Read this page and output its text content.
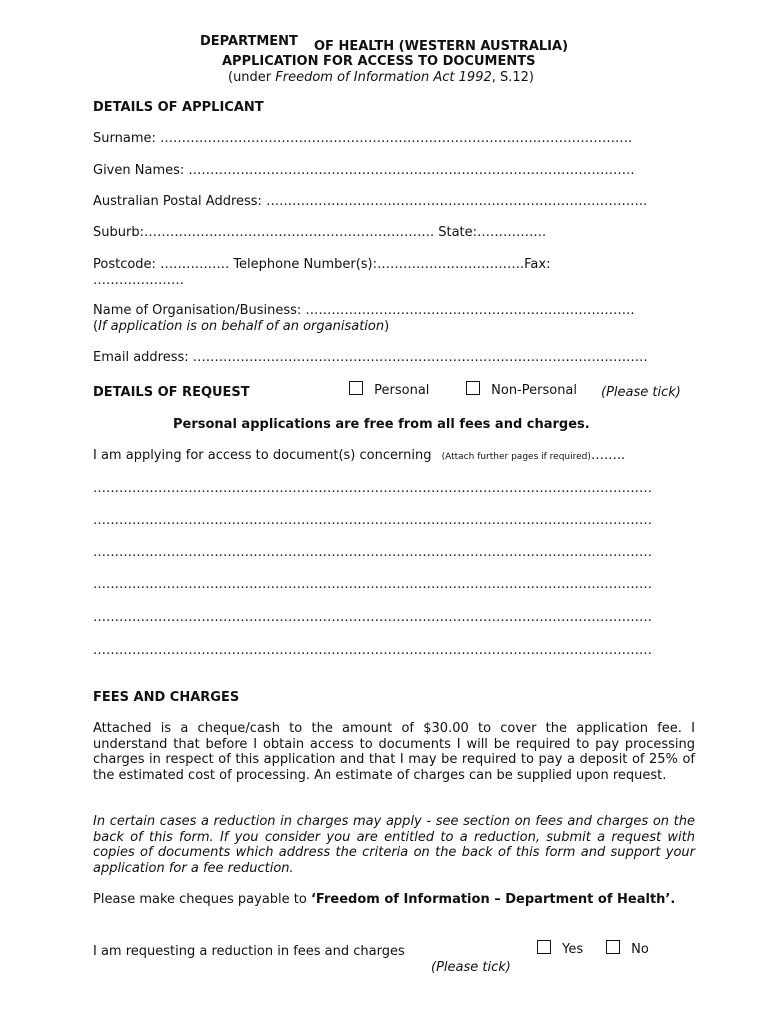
DEPARTMENT OF HEALTH (WESTERN AUSTRALIA)
APPLICATION FOR ACCESS TO DOCUMENTS
(under Freedom of Information Act 1992, S.12)
DETAILS OF APPLICANT
Surname: ……………………………………………………………………………………………….
Given Names: ………………………………………………………………………………………….
Australian Postal Address: …………………………………………………………………………….
Suburb:…………………………………………………………. State:…………….
Postcode: ……………. Telephone Number(s):…………………………….Fax:
…………………
Name of Organisation/Business: ………………………………………………………………….
(If application is on behalf of an organisation)
Email address: ……………………………………………………………………………………………
DETAILS OF REQUEST	Personal	Non-Personal (Please tick)
Personal applications are free from all fees and charges.
I am applying for access to document(s) concerning (Attach further pages if required)……..
…………………………………………………………………………………………………………………
…………………………………………………………………………………………………………………
…………………………………………………………………………………………………………………
…………………………………………………………………………………………………………………
…………………………………………………………………………………………………………………
…………………………………………………………………………………………………………………
FEES AND CHARGES
Attached is a cheque/cash to the amount of $30.00 to cover the application fee. I understand that before I obtain access to documents I will be required to pay processing charges in respect of this application and that I may be required to pay a deposit of 25% of the estimated cost of processing. An estimate of charges can be supplied upon request.
In certain cases a reduction in charges may apply - see section on fees and charges on the back of this form. If you consider you are entitled to a reduction, submit a request with copies of documents which address the criteria on the back of this form and support your application for a fee reduction.
Please make cheques payable to ‘Freedom of Information – Department of Health’.
I am requesting a reduction in fees and charges	Yes	No
(Please tick)
